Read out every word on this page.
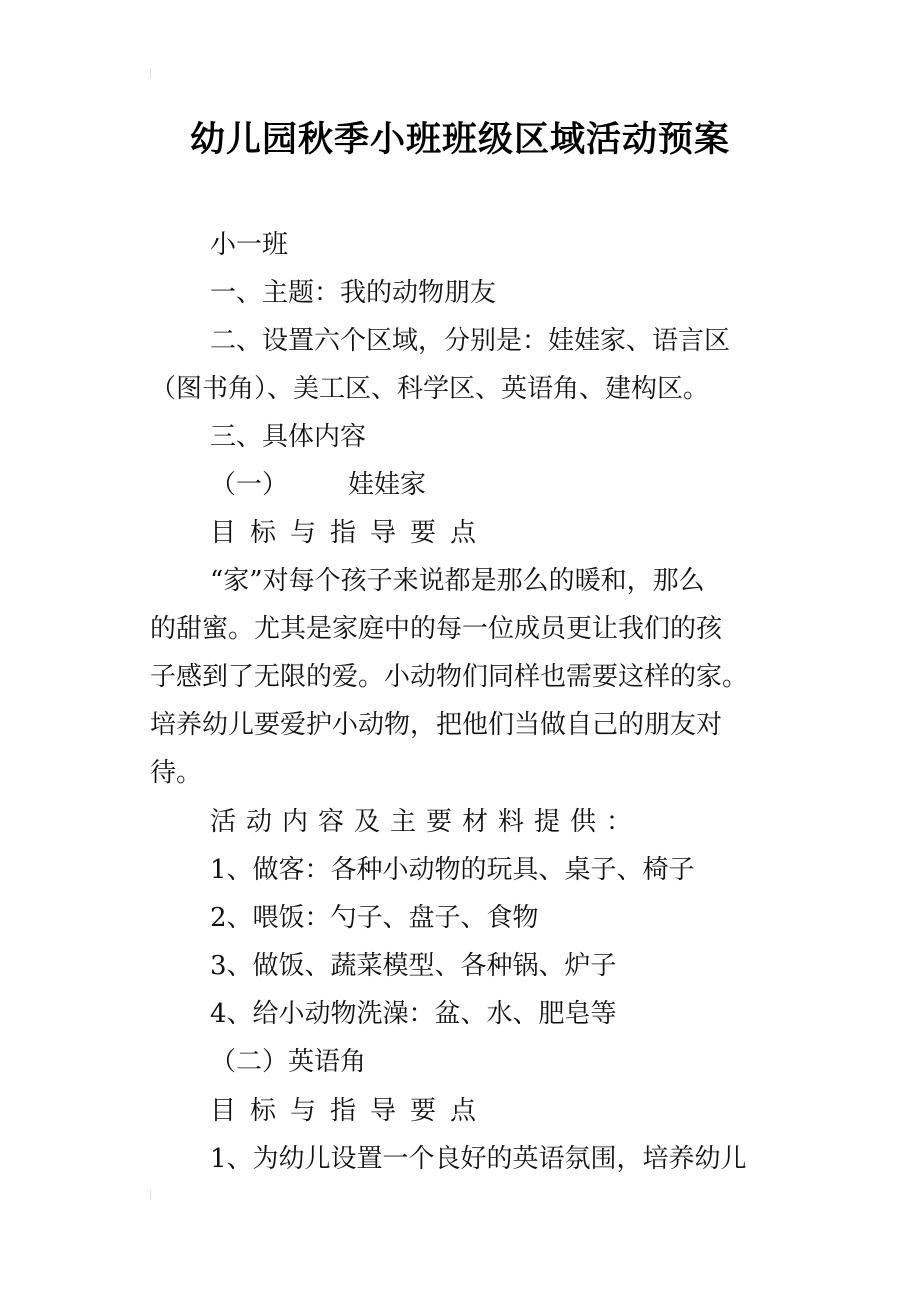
幼儿园秋季小班班级区域活动预案
小一班
一、主题：我的动物朋友
二、设置六个区域，分别是：娃娃家、语言区
（图书角）、美工区、科学区、英语角、建构区。
三、具体内容
（一） 娃娃家
目标与指导要点
“家”对每个孩子来说都是那么的暖和，那么
的甜蜜。尤其是家庭中的每一位成员更让我们的孩
子感到了无限的爱。小动物们同样也需要这样的家。
培养幼儿要爱护小动物，把他们当做自己的朋友对
待。
活动内容及主要材料提供：
1、做客：各种小动物的玩具、桌子、椅子
2、喂饭：勺子、盘子、食物
3、做饭、蔬菜模型、各种锅、炉子
4、给小动物洗澡：盆、水、肥皂等
（二）英语角
目标与指导要点
1、为幼儿设置一个良好的英语氛围，培养幼儿
